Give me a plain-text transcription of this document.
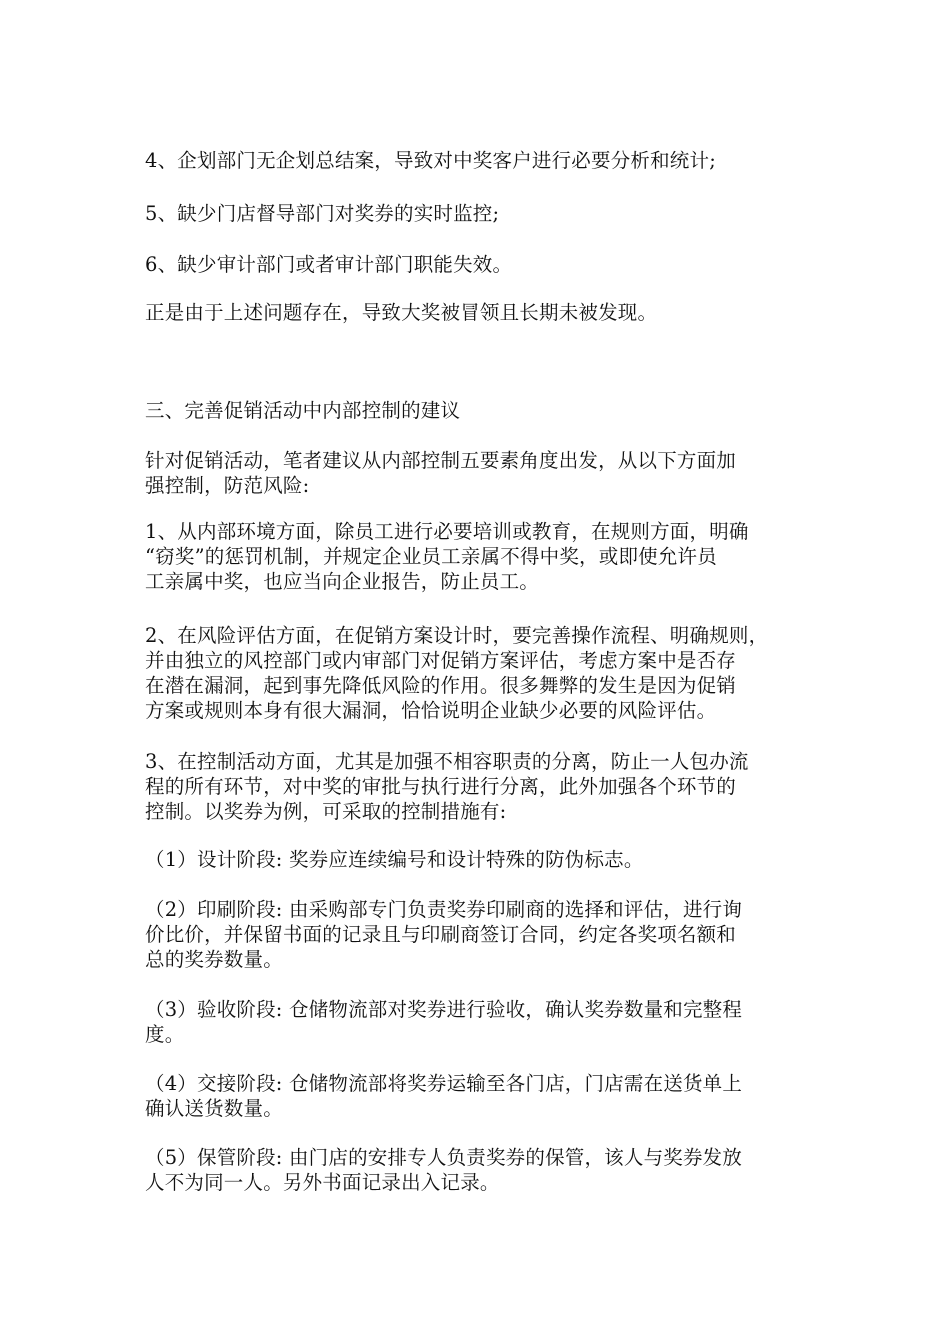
4、企划部门无企划总结案，导致对中奖客户进行必要分析和统计;

5、缺少门店督导部门对奖券的实时监控;

6、缺少审计部门或者审计部门职能失效。

正是由于上述问题存在，导致大奖被冒领且长期未被发现。

三、完善促销活动中内部控制的建议

针对促销活动，笔者建议从内部控制五要素角度出发，从以下方面加
强控制，防范风险:

1、从内部环境方面，除员工进行必要培训或教育，在规则方面，明确
“窃奖”的惩罚机制，并规定企业员工亲属不得中奖，或即使允许员
工亲属中奖，也应当向企业报告，防止员工。

2、在风险评估方面，在促销方案设计时，要完善操作流程、明确规则，
并由独立的风控部门或内审部门对促销方案评估，考虑方案中是否存
在潜在漏洞，起到事先降低风险的作用。很多舞弊的发生是因为促销
方案或规则本身有很大漏洞，恰恰说明企业缺少必要的风险评估。

3、在控制活动方面，尤其是加强不相容职责的分离，防止一人包办流
程的所有环节，对中奖的审批与执行进行分离，此外加强各个环节的
控制。以奖券为例，可采取的控制措施有:

（1）设计阶段: 奖券应连续编号和设计特殊的防伪标志。

（2）印刷阶段: 由采购部专门负责奖券印刷商的选择和评估，进行询
价比价，并保留书面的记录且与印刷商签订合同，约定各奖项名额和
总的奖券数量。

（3）验收阶段: 仓储物流部对奖券进行验收，确认奖券数量和完整程
度。

（4）交接阶段: 仓储物流部将奖券运输至各门店，门店需在送货单上
确认送货数量。

（5）保管阶段: 由门店的安排专人负责奖券的保管，该人与奖券发放
人不为同一人。另外书面记录出入记录。
